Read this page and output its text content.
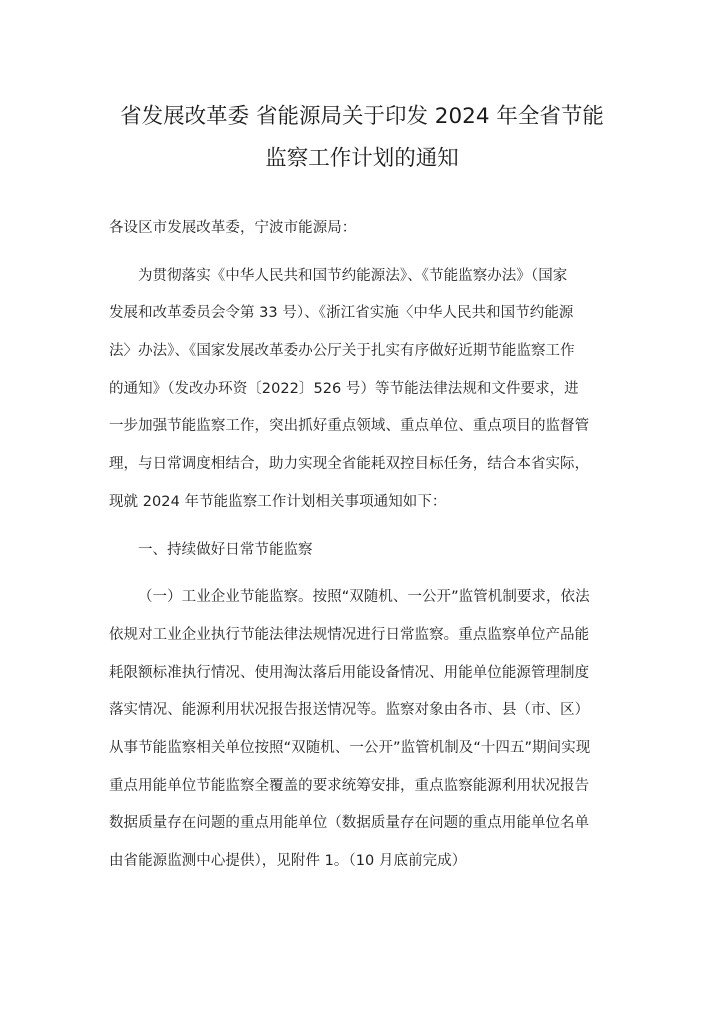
省发展改革委 省能源局关于印发 2024 年全省节能
监察工作计划的通知
各设区市发展改革委，宁波市能源局：
为贯彻落实《中华人民共和国节约能源法》、《节能监察办法》（国家
发展和改革委员会令第 33 号）、《浙江省实施〈中华人民共和国节约能源
法〉办法》、《国家发展改革委办公厅关于扎实有序做好近期节能监察工作
的通知》（发改办环资〔2022〕526 号）等节能法律法规和文件要求，进
一步加强节能监察工作，突出抓好重点领域、重点单位、重点项目的监督管
理，与日常调度相结合，助力实现全省能耗双控目标任务，结合本省实际，
现就 2024 年节能监察工作计划相关事项通知如下：
一、持续做好日常节能监察
（一）工业企业节能监察。按照“双随机、一公开”监管机制要求，依法
依规对工业企业执行节能法律法规情况进行日常监察。重点监察单位产品能
耗限额标准执行情况、使用淘汰落后用能设备情况、用能单位能源管理制度
落实情况、能源利用状况报告报送情况等。监察对象由各市、县（市、区）
从事节能监察相关单位按照“双随机、一公开”监管机制及“十四五”期间实现
重点用能单位节能监察全覆盖的要求统筹安排，重点监察能源利用状况报告
数据质量存在问题的重点用能单位（数据质量存在问题的重点用能单位名单
由省能源监测中心提供），见附件 1。（10 月底前完成）
